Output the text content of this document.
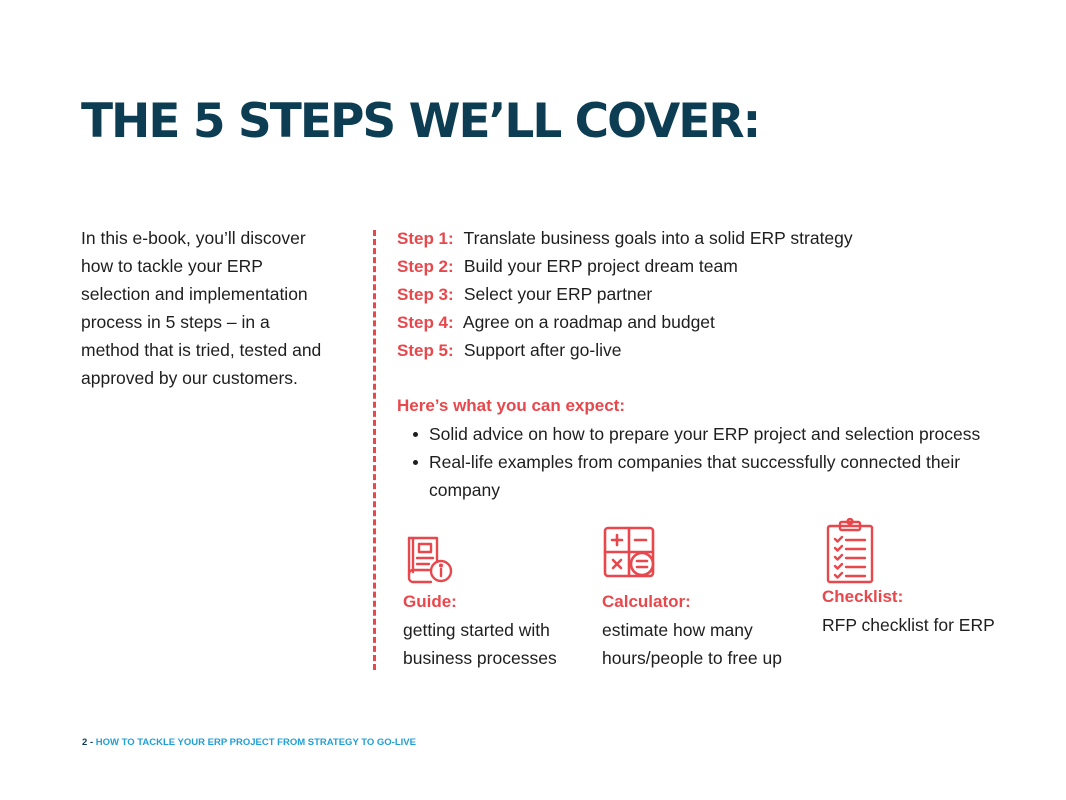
THE 5 STEPS WE’LL COVER:
In this e-book, you’ll discover how to tackle your ERP selection and implementation process in 5 steps – in a method that is tried, tested and approved by our customers.
Step 1: Translate business goals into a solid ERP strategy
Step 2: Build your ERP project dream team
Step 3: Select your ERP partner
Step 4: Agree on a roadmap and budget
Step 5: Support after go-live
Here’s what you can expect:
Solid advice on how to prepare your ERP project and selection process
Real-life examples from companies that successfully connected their company
Guide:
getting started with business processes
Calculator:
estimate how many hours/people to free up
Checklist:
RFP checklist for ERP
2 - HOW TO TACKLE YOUR ERP PROJECT FROM STRATEGY TO GO-LIVE
